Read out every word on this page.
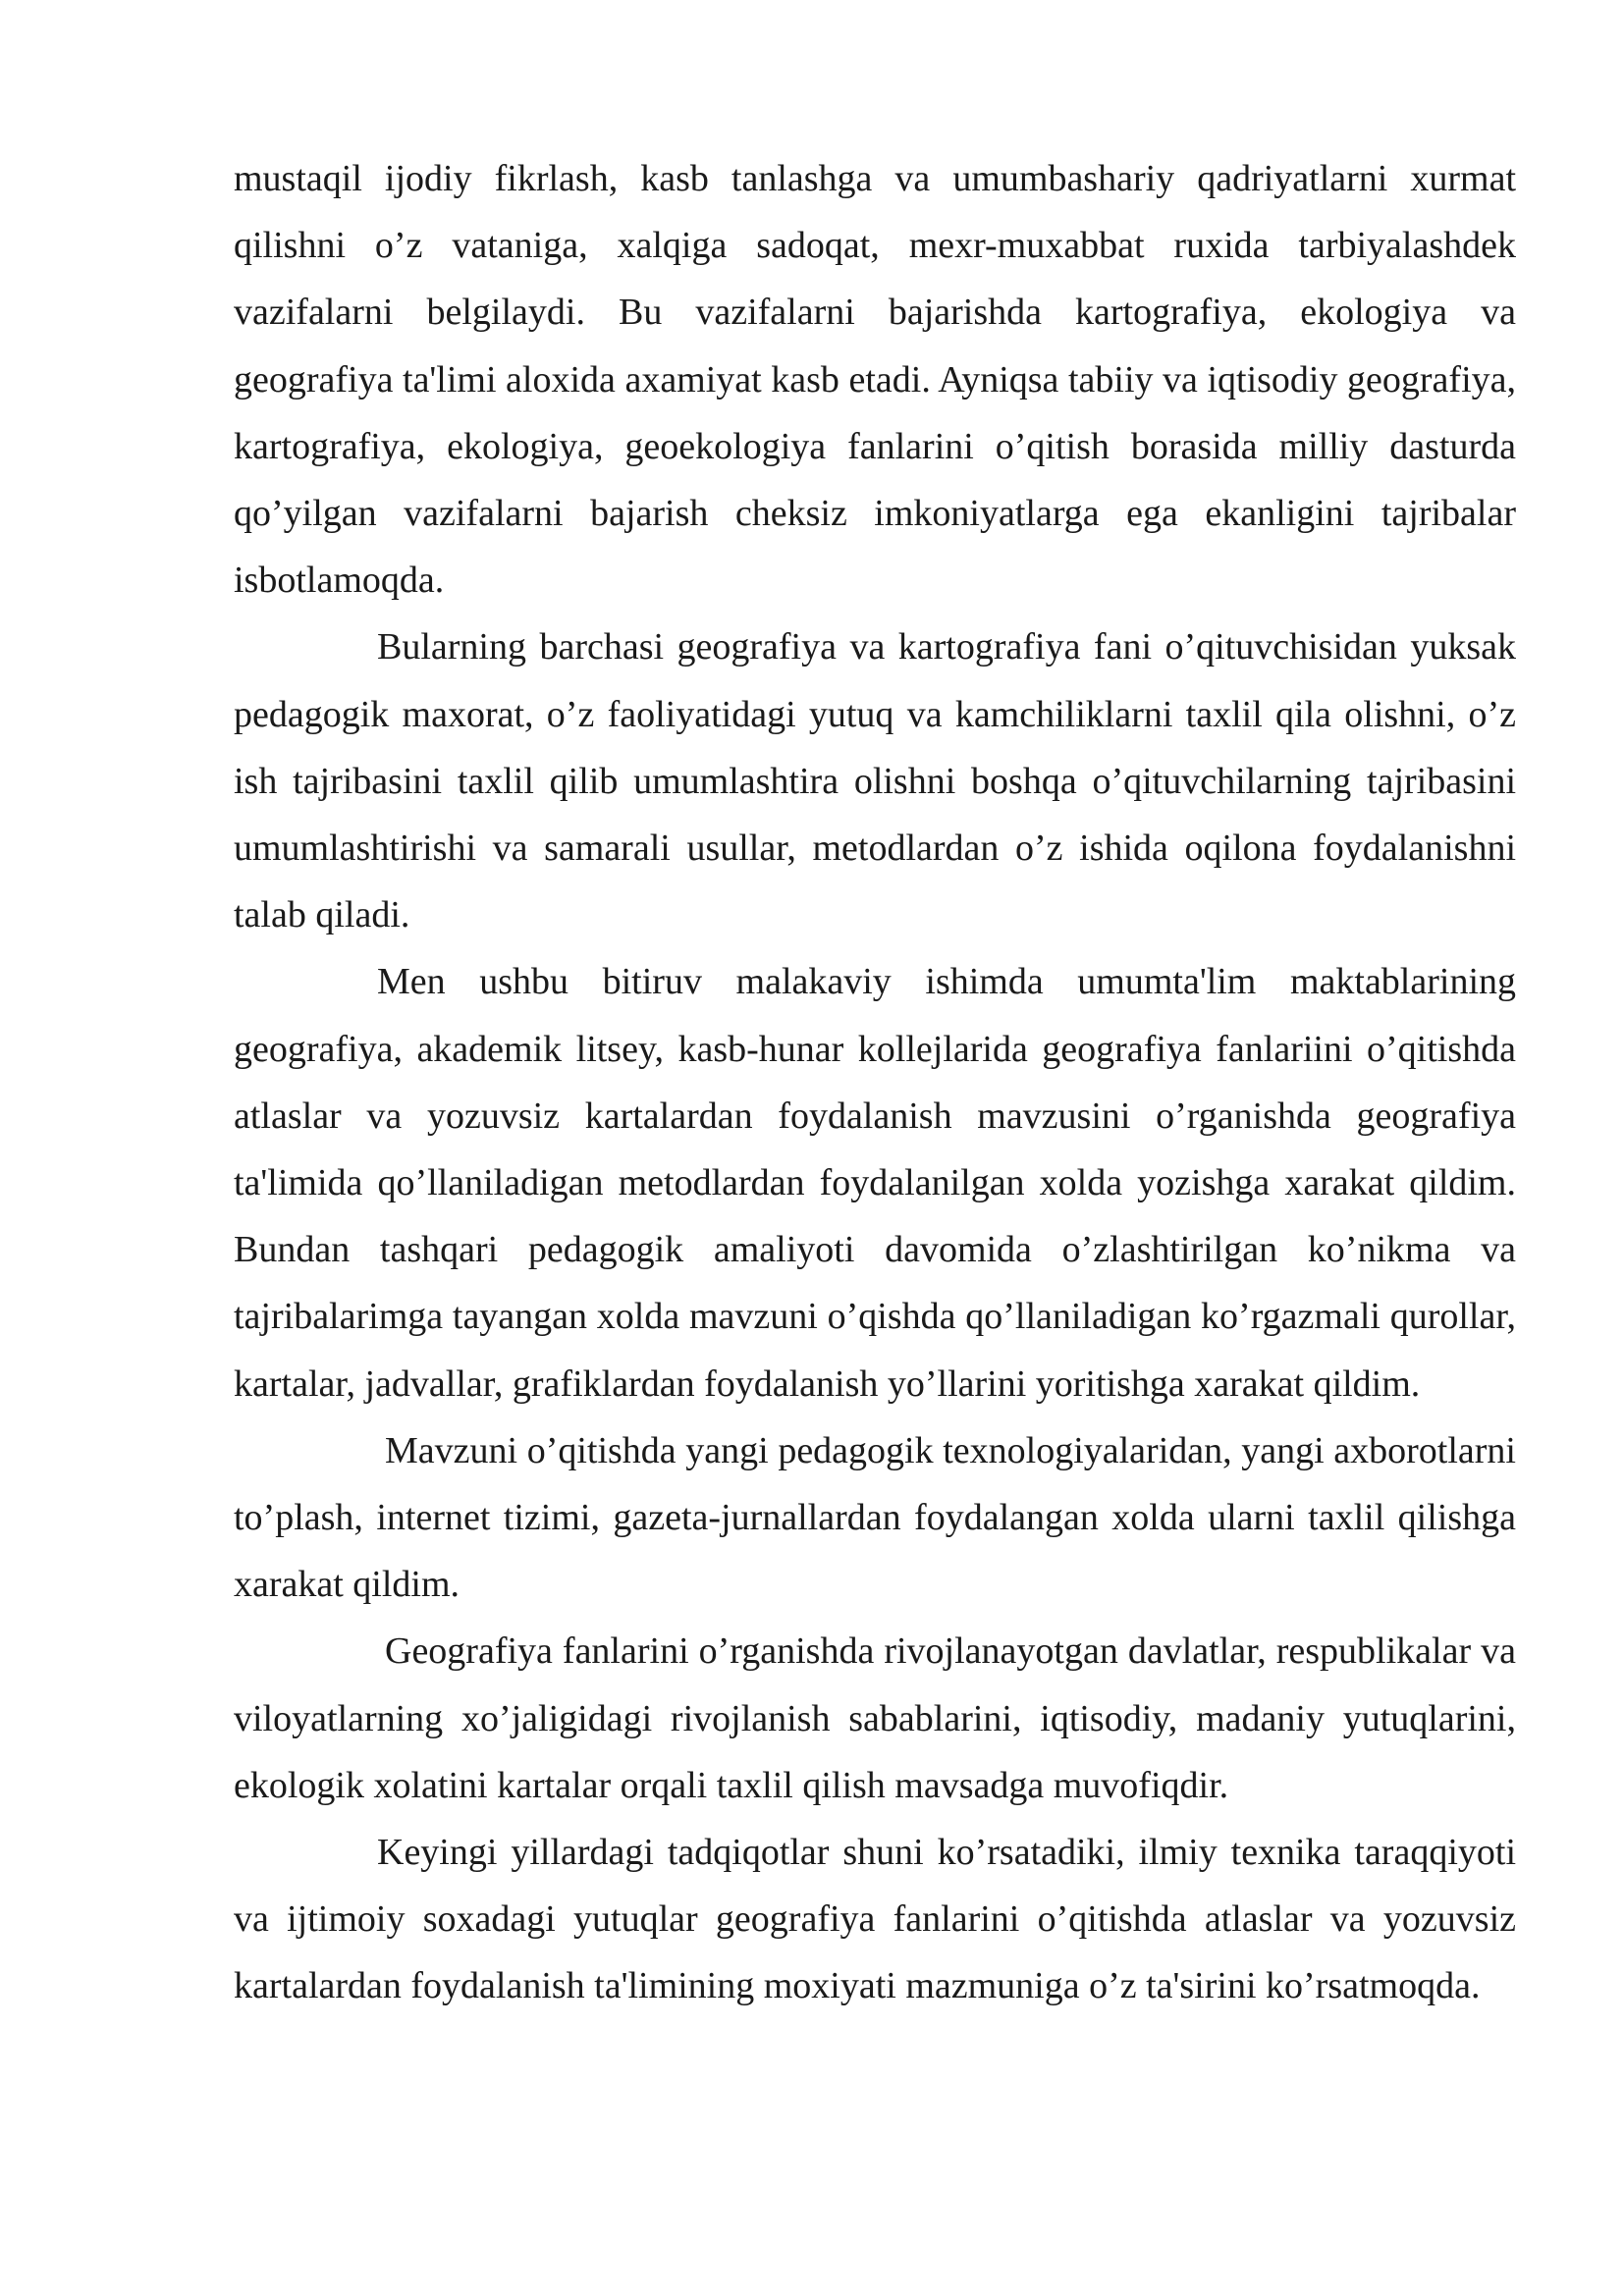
mustaqil ijodiy fikrlash, kasb tanlashga va umumbashariy qadriyatlarni xurmat qilishni o’z vataniga, xalqiga sadoqat, mexr-muxabbat ruxida tarbiyalashdek vazifalarni belgilaydi. Bu vazifalarni bajarishda kartografiya, ekologiya va geografiya ta'limi aloxida axamiyat kasb etadi. Ayniqsa tabiiy va iqtisodiy geografiya, kartografiya, ekologiya, geoekologiya fanlarini o’qitish borasida milliy dasturda qo’yilgan vazifalarni bajarish cheksiz imkoniyatlarga ega ekanligini tajribalar isbotlamoqda.

Bularning barchasi geografiya va kartografiya fani o’qituvchisidan yuksak pedagogik maxorat, o’z faoliyatidagi yutuq va kamchiliklarni taxlil qila olishni, o’z ish tajribasini taxlil qilib umumlashtira olishni boshqa o’qituvchilarning tajribasini umumlashtirishi va samarali usullar, metodlardan o’z ishida oqilona foydalanishni talab qiladi.

Men ushbu bitiruv malakaviy ishimda umumta'lim maktablarining geografiya, akademik litsey, kasb-hunar kollejlarida geografiya fanlariini o’qitishda atlaslar va yozuvsiz kartalardan foydalanish mavzusini o’rganishda geografiya ta'limida qo’llaniladigan metodlardan foydalanilgan xolda yozishga xarakat qildim. Bundan tashqari pedagogik amaliyoti davomida o’zlashtirilgan ko’nikma va tajribalarimga tayangan xolda mavzuni o’qishda qo’llaniladigan ko’rgazmali qurollar, kartalar, jadvallar, grafiklardan foydalanish yo’llarini yoritishga xarakat qildim.

Mavzuni o’qitishda yangi pedagogik texnologiyalaridan, yangi axborotlarni to’plash, internet tizimi, gazeta-jurnallardan foydalangan xolda ularni taxlil qilishga xarakat qildim.

Geografiya fanlarini o’rganishda rivojlanayotgan davlatlar, respublikalar va viloyatlarning xo’jaligidagi rivojlanish sabablarini, iqtisodiy, madaniy yutuqlarini, ekologik xolatini kartalar orqali taxlil qilish mavsadga muvofiqdir.

Keyingi yillardagi tadqiqotlar shuni ko’rsatadiki, ilmiy texnika taraqqiyoti va ijtimoiy soxadagi yutuqlar geografiya fanlarini o’qitishda atlaslar va yozuvsiz kartalardan foydalanish ta'limining moxiyati mazmuniga o’z ta'sirini ko’rsatmoqda.
